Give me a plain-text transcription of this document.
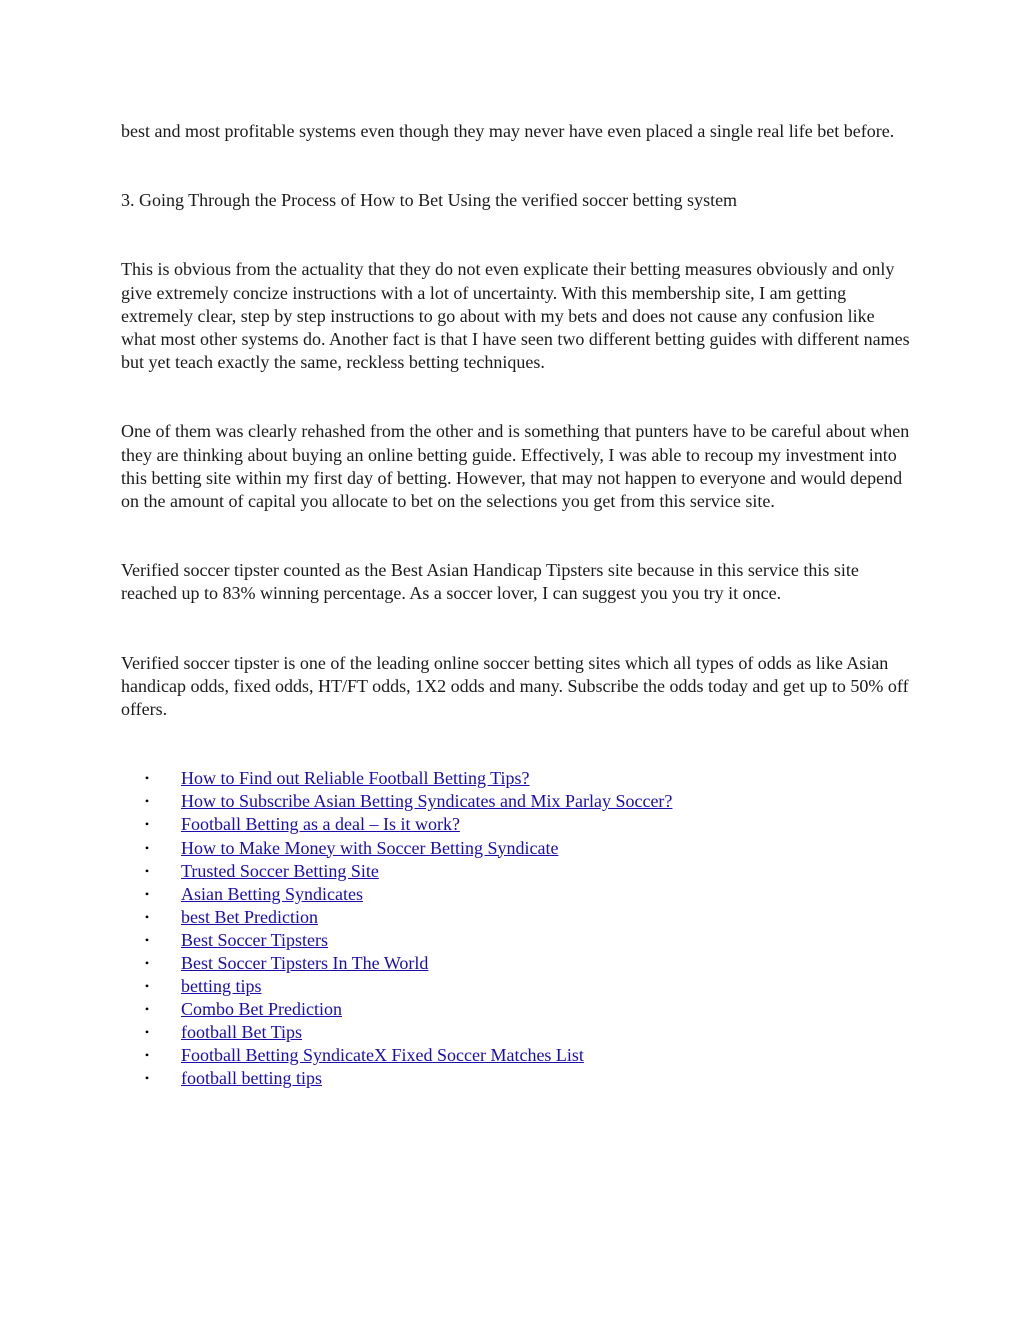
best and most profitable systems even though they may never have even placed a single real life bet before.

3. Going Through the Process of How to Bet Using the verified soccer betting system

This is obvious from the actuality that they do not even explicate their betting measures obviously and only give extremely concize instructions with a lot of uncertainty. With this membership site, I am getting extremely clear, step by step instructions to go about with my bets and does not cause any confusion like what most other systems do. Another fact is that I have seen two different betting guides with different names but yet teach exactly the same, reckless betting techniques.

One of them was clearly rehashed from the other and is something that punters have to be careful about when they are thinking about buying an online betting guide. Effectively, I was able to recoup my investment into this betting site within my first day of betting. However, that may not happen to everyone and would depend on the amount of capital you allocate to bet on the selections you get from this service site.

Verified soccer tipster counted as the Best Asian Handicap Tipsters site because in this service this site reached up to 83% winning percentage. As a soccer lover, I can suggest you you try it once.

Verified soccer tipster is one of the leading online soccer betting sites which all types of odds as like Asian handicap odds, fixed odds, HT/FT odds, 1X2 odds and many. Subscribe the odds today and get up to 50% off offers.

• How to Find out Reliable Football Betting Tips?
• How to Subscribe Asian Betting Syndicates and Mix Parlay Soccer?
• Football Betting as a deal – Is it work?
• How to Make Money with Soccer Betting Syndicate
• Trusted Soccer Betting Site
• Asian Betting Syndicates
• best Bet Prediction
• Best Soccer Tipsters
• Best Soccer Tipsters In The World
• betting tips
• Combo Bet Prediction
• football Bet Tips
• Football Betting SyndicateX Fixed Soccer Matches List
• football betting tips
